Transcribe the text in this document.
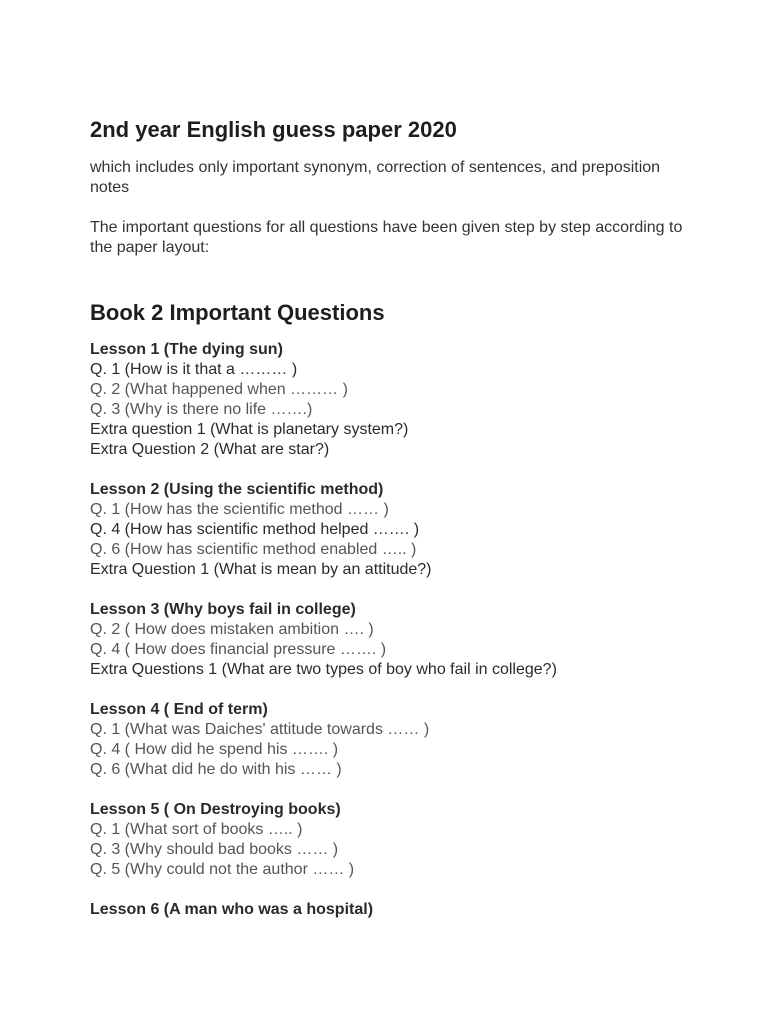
2nd year English guess paper 2020

which includes only important synonym, correction of sentences, and preposition notes

The important questions for all questions have been given step by step according to the paper layout:

Book 2 Important Questions
Lesson 1 (The dying sun)
Q. 1 (How is it that a ……… )
Q. 2 (What happened when ……… )
Q. 3 (Why is there no life …….)
Extra question 1 (What is planetary system?)
Extra Question 2 (What are star?)
Lesson 2 (Using the scientific method)
Q. 1 (How has the scientific method …… )
Q. 4 (How has scientific method helped ……. )
Q. 6 (How has scientific method enabled ….. )
Extra Question 1 (What is mean by an attitude?)
Lesson 3 (Why boys fail in college)
Q. 2 ( How does mistaken ambition …. )
Q. 4 ( How does financial pressure ……. )
Extra Questions 1 (What are two types of boy who fail in college?)
Lesson 4 ( End of term)
Q. 1 (What was Daiches' attitude towards …… )
Q. 4 ( How did he spend his ……. )
Q. 6 (What did he do with his …… )
Lesson 5 ( On Destroying books)
Q. 1 (What sort of books ….. )
Q. 3 (Why should bad books …… )
Q. 5 (Why could not the author …… )
Lesson 6 (A man who was a hospital)
